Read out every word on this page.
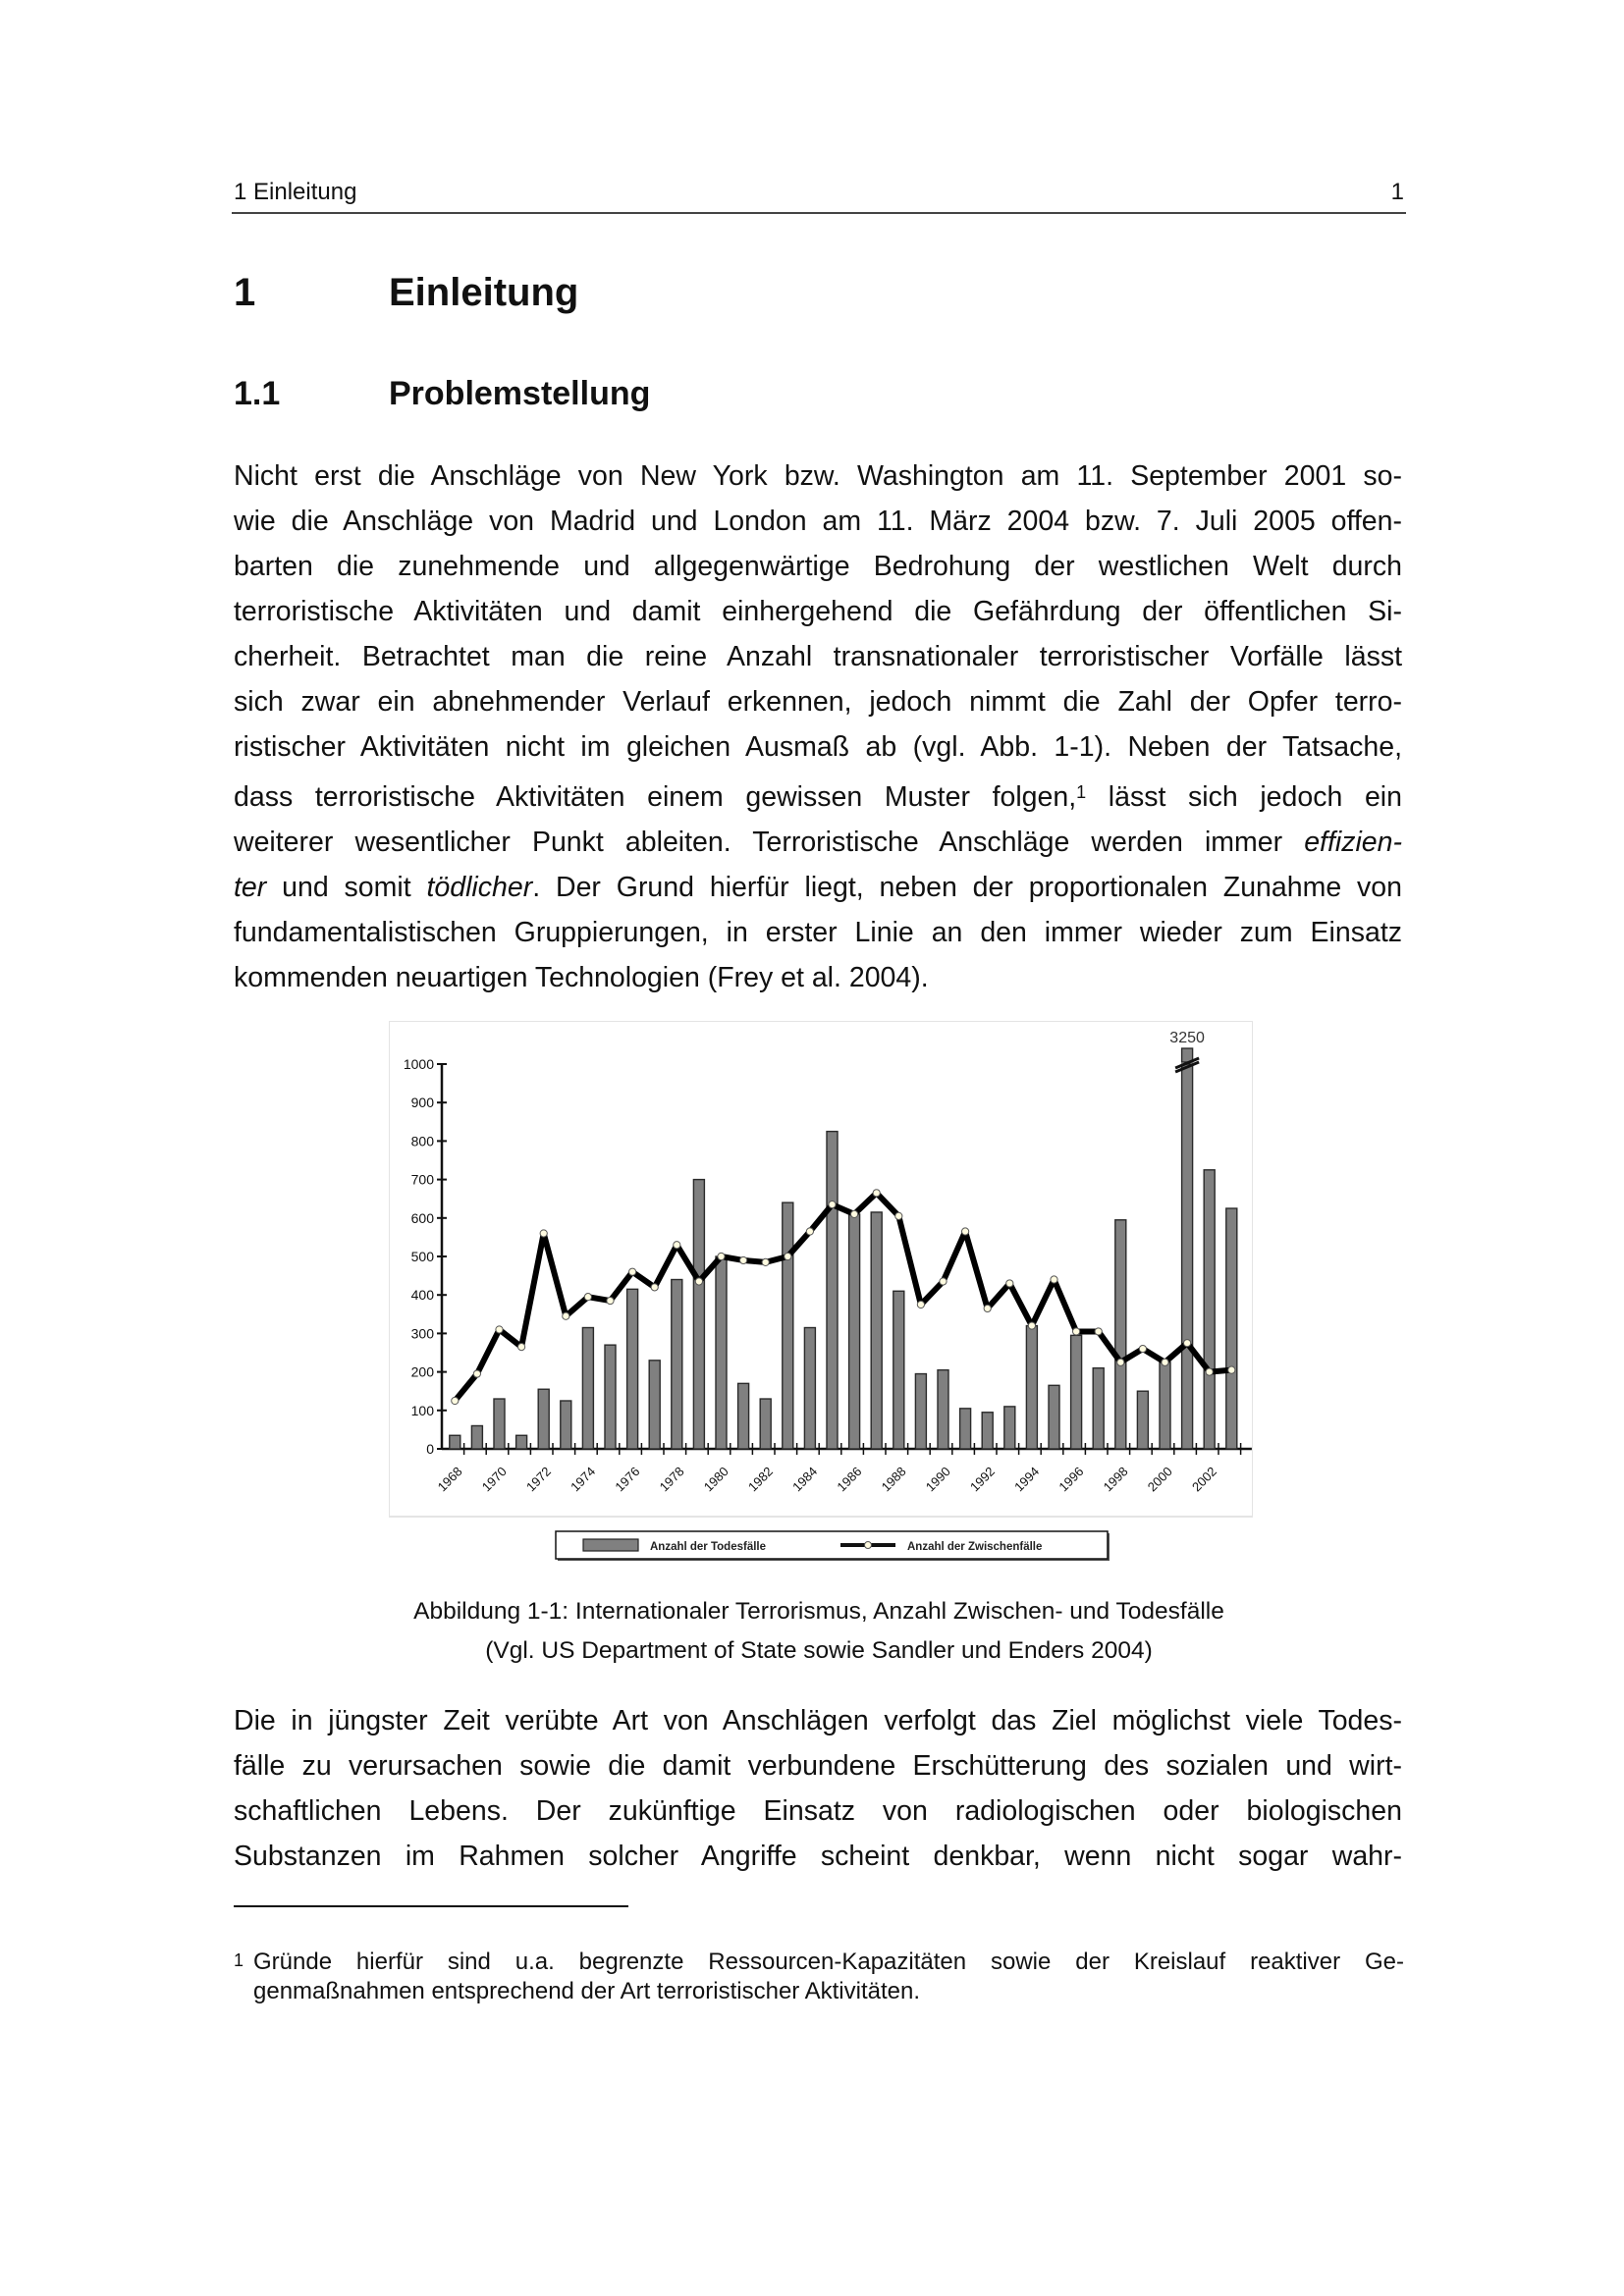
1 Einleitung	1
1	Einleitung
1.1	Problemstellung
Nicht erst die Anschläge von New York bzw. Washington am 11. September 2001 so-
wie die Anschläge von Madrid und London am 11. März 2004 bzw. 7. Juli 2005 offen-
barten die zunehmende und allgegenwärtige Bedrohung der westlichen Welt durch
terroristische Aktivitäten und damit einhergehend die Gefährdung der öffentlichen Si-
cherheit. Betrachtet man die reine Anzahl transnationaler terroristischer Vorfälle lässt
sich zwar ein abnehmender Verlauf erkennen, jedoch nimmt die Zahl der Opfer terro-
ristischer Aktivitäten nicht im gleichen Ausmaß ab (vgl. Abb. 1-1). Neben der Tatsache,
dass terroristische Aktivitäten einem gewissen Muster folgen,$^1$ lässt sich jedoch ein
weiterer wesentlicher Punkt ableiten. Terroristische Anschläge werden immer effizien-
ter und somit tödlicher. Der Grund hierfür liegt, neben der proportionalen Zunahme von
fundamentalistischen Gruppierungen, in erster Linie an den immer wieder zum Einsatz
kommenden neuartigen Technologien (Frey et al. 2004).
0
100
200
300
400
500
600
700
800
900
1000
3250
1968 1970 1972 1974 1976 1978 1980 1982 1984 1986 1988 1990 1992 1994 1996 1998 2000 2002
Anzahl der Todesfälle	Anzahl der Zwischenfälle
Abbildung 1-1: Internationaler Terrorismus, Anzahl Zwischen- und Todesfälle
(Vgl. US Department of State sowie Sandler und Enders 2004)
Die in jüngster Zeit verübte Art von Anschlägen verfolgt das Ziel möglichst viele Todes-
fälle zu verursachen sowie die damit verbundene Erschütterung des sozialen und wirt-
schaftlichen Lebens. Der zukünftige Einsatz von radiologischen oder biologischen
Substanzen im Rahmen solcher Angriffe scheint denkbar, wenn nicht sogar wahr-
1 Gründe hierfür sind u.a. begrenzte Ressourcen-Kapazitäten sowie der Kreislauf reaktiver Ge-
genmaßnahmen entsprechend der Art terroristischer Aktivitäten.
